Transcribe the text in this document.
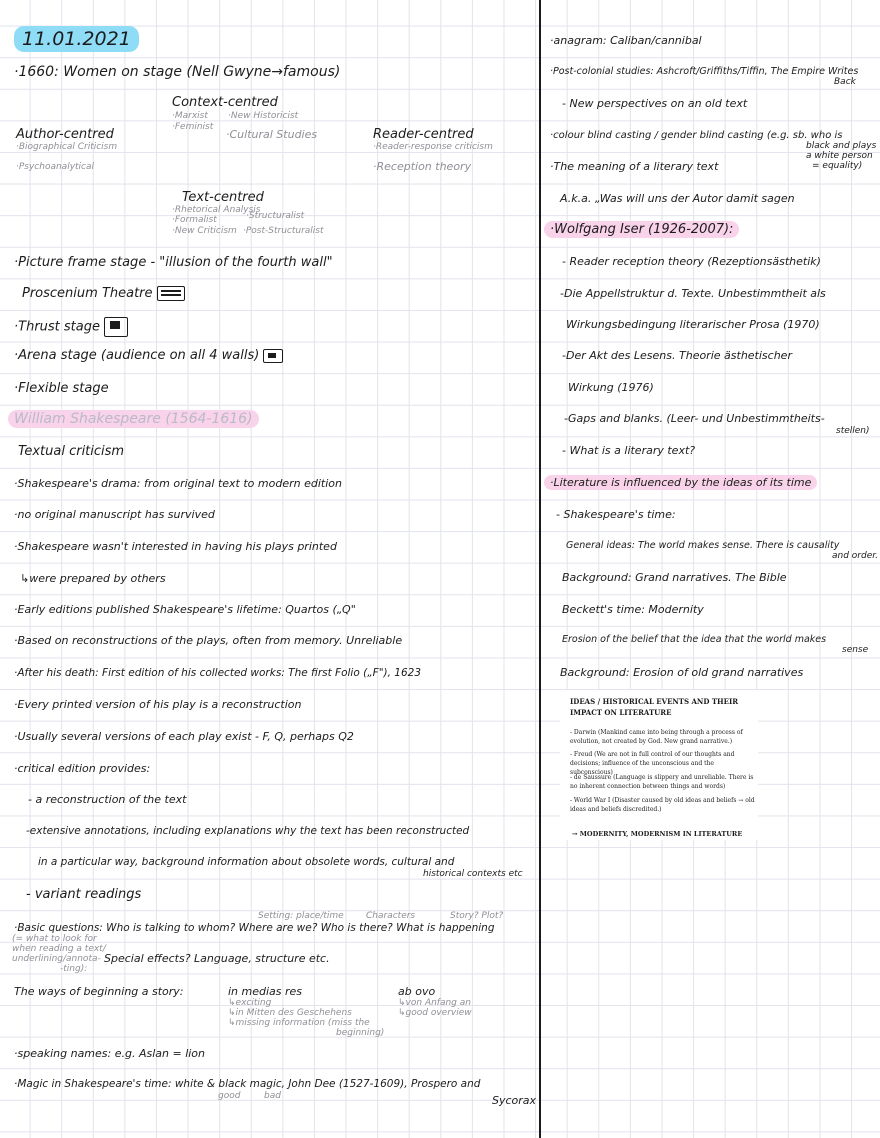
11.01.2021
·1660: Women on stage (Nell Gwyne→famous)
Context-centred
·Marxist ·New Historicist
·Feminist
·Cultural Studies
Author-centred
·Biographical Criticism
·Psychoanalytical
Reader-centred
·Reader-response criticism
·Reception theory
Text-centred
·Rhetorical Analysis
·Formalist	·Structuralist
·New Criticism ·Post-Structuralist
·Picture frame stage - "illusion of the fourth wall"
Proscenium Theatre
·Thrust stage
·Arena stage (audience on all 4 walls)
·Flexible stage
William Shakespeare (1564-1616)
Textual criticism
·Shakespeare's drama: from original text to modern edition
·no original manuscript has survived
·Shakespeare wasn't interested in having his plays printed
↳were prepared by others
·Early editions published Shakespeare's lifetime: Quartos („Q"
·Based on reconstructions of the plays, often from memory. Unreliable
·After his death: First edition of his collected works: The first Folio („F"), 1623
·Every printed version of his play is a reconstruction
·Usually several versions of each play exist - F, Q, perhaps Q2
·critical edition provides:
- a reconstruction of the text
-extensive annotations, including explanations why the text has been reconstructed
in a particular way, background information about obsolete words, cultural and
historical contexts etc
- variant readings
Setting: place/time Characters	Story? Plot?
·Basic questions: Who is talking to whom? Where are we? Who is there? What is happening
(= what to look for
when reading a text/
underlining/annota-
-ting):
Special effects? Language, structure etc.
The ways of beginning a story:	in medias res
↳exciting
↳in Mitten des Geschehens
↳missing information (miss the
beginning)
ab ovo
↳von Anfang an
↳good overview
·speaking names: e.g. Aslan = lion
·Magic in Shakespeare's time: white & black magic, John Dee (1527-1609), Prospero and
good	bad	Sycorax
·anagram: Caliban/cannibal
·Post-colonial studies: Ashcroft/Griffiths/Tiffin, The Empire Writes
Back
- New perspectives on an old text
·colour blind casting / gender blind casting (e.g. sb. who is
black and plays
a white person
= equality)
·The meaning of a literary text
A.k.a. „Was will uns der Autor damit sagen
·Wolfgang Iser (1926-2007):
- Reader reception theory (Rezeptionsästhetik)
-Die Appellstruktur d. Texte. Unbestimmtheit als
Wirkungsbedingung literarischer Prosa (1970)
-Der Akt des Lesens. Theorie ästhetischer
Wirkung (1976)
-Gaps and blanks. (Leer- und Unbestimmtheits-
stellen)
- What is a literary text?
·Literature is influenced by the ideas of its time
- Shakespeare's time:
General ideas: The world makes sense. There is causality
and order.
Background: Grand narratives. The Bible
Beckett's time: Modernity
Erosion of the belief that the idea that the world makes
sense
Background: Erosion of old grand narratives
IDEAS / HISTORICAL EVENTS AND THEIR IMPACT ON LITERATURE
- Darwin (Mankind came into being through a process of evolution, not created by God. New grand narrative.)
- Freud (We are not in full control of our thoughts and decisions; influence of the unconscious and the subconscious)
- de Saussure (Language is slippery and unreliable. There is no inherent connection between things and words)
- World War I (Disaster caused by old ideas and beliefs → old ideas and beliefs discredited.)
→ MODERNITY, MODERNISM IN LITERATURE
